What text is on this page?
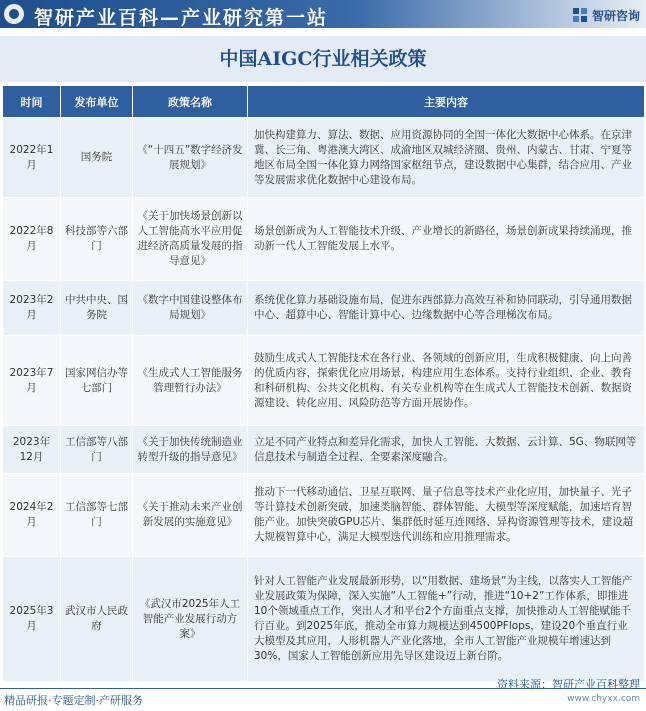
智研产业百科—产业研究第一站	智研咨询
中国AIGC行业相关政策
时间	发布单位	政策名称	主要内容
2022年1月	国务院	《“十四五”数字经济发展规划》	加快构建算力、算法、数据、应用资源协同的全国一体化大数据中心体系。在京津冀、长三角、粤港澳大湾区、成渝地区双城经济圈、贵州、内蒙古、甘肃、宁夏等地区布局全国一体化算力网络国家枢纽节点，建设数据中心集群，结合应用、产业等发展需求优化数据中心建设布局。
2022年8月	科技部等六部门	《关于加快场景创新以人工智能高水平应用促进经济高质量发展的指导意见》	场景创新成为人工智能技术升级、产业增长的新路径，场景创新成果持续涌现，推动新一代人工智能发展上水平。
2023年2月	中共中央、国务院	《数字中国建设整体布局规划》	系统优化算力基础设施布局，促进东西部算力高效互补和协同联动，引导通用数据中心、超算中心、智能计算中心、边缘数据中心等合理梯次布局。
2023年7月	国家网信办等七部门	《生成式人工智能服务管理暂行办法》	鼓励生成式人工智能技术在各行业、各领域的创新应用，生成积极健康、向上向善的优质内容，探索优化应用场景，构建应用生态体系。支持行业组织、企业、教育和科研机构、公共文化机构、有关专业机构等在生成式人工智能技术创新、数据资源建设、转化应用、风险防范等方面开展协作。
2023年12月	工信部等八部门	《关于加快传统制造业转型升级的指导意见》	立足不同产业特点和差异化需求，加快人工智能、大数据、云计算、5G、物联网等信息技术与制造全过程、全要素深度融合。
2024年2月	工信部等七部门	《关于推动未来产业创新发展的实施意见》	推动下一代移动通信、卫星互联网、量子信息等技术产业化应用，加快量子、光子等计算技术创新突破，加速类脑智能、群体智能、大模型等深度赋能，加速培育智能产业。加快突破GPU芯片、集群低时延互连网络、异构资源管理等技术，建设超大规模智算中心，满足大模型迭代训练和应用推理需求。
2025年3月	武汉市人民政府	《武汉市2025年人工智能产业发展行动方案》	针对人工智能产业发展最新形势，以“用数据、建场景”为主线，以落实人工智能产业发展政策为保障，深入实施“人工智能+”行动，推进“10+2”工作体系，即推进10个领域重点工作，突出人才和平台2个方面重点支撑，加快推动人工智能赋能千行百业。到2025年底，推动全市算力规模达到4500PFlops，建设20个垂直行业大模型及其应用，人形机器人产业化落地，全市人工智能产业规模年增速达到30%，国家人工智能创新应用先导区建设迈上新台阶。
精品研报·专题定制·产研服务
资料来源：智研产业百科整理
www.chyxx.com
